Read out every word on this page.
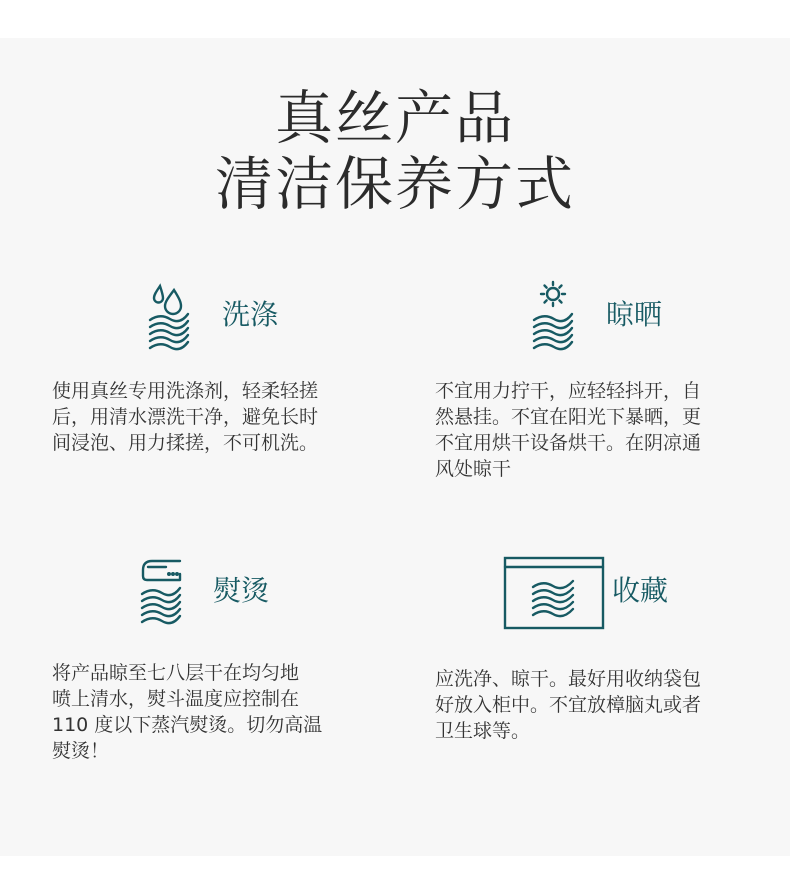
真丝产品
清洁保养方式
洗涤
使用真丝专用洗涤剂，轻柔轻搓
后，用清水漂洗干净，避免长时
间浸泡、用力揉搓，不可机洗。
晾晒
不宜用力拧干，应轻轻抖开，自
然悬挂。不宜在阳光下暴晒，更
不宜用烘干设备烘干。在阴凉通
风处晾干
熨烫
将产品晾至七八层干在均匀地
喷上清水，熨斗温度应控制在
110 度以下蒸汽熨烫。切勿高温
熨烫！
收藏
应洗净、晾干。最好用收纳袋包
好放入柜中。不宜放樟脑丸或者
卫生球等。
